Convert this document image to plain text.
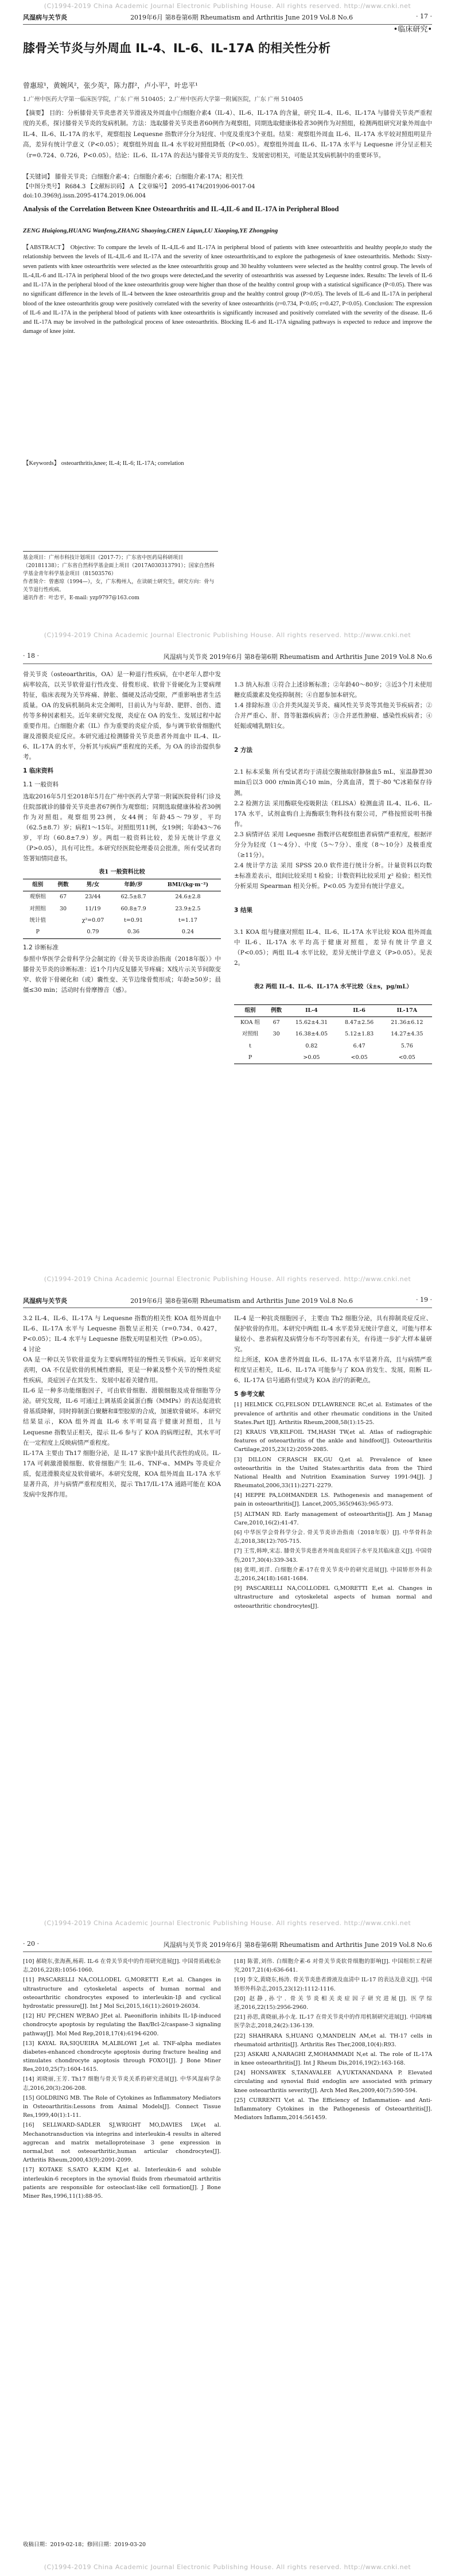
(C)1994-2019 China Academic Journal Electronic Publishing House. All rights reserved. http://www.cnki.net
风湿病与关节炎	2019年6月 第8卷第6期 Rheumatism and Arthritis June 2019 Vol.8 No.6	· 17 ·
•临床研究•
膝骨关节炎与外周血 IL-4、IL-6、IL-17A 的相关性分析
曾惠琼¹，黄婉风²，张少英²，陈力群²，卢小平²，叶忠平¹
1.广州中医药大学第一临床医学院，广东 广州 510405；2.广州中医药大学第一附属医院，广东 广州 510405
【摘要】 目的：分析膝骨关节炎患者关节滑液及外周血中白细胞介素4（IL-4）、IL-6、IL-17A 的含量，研究 IL-4、IL-6、IL-17A 与膝骨关节炎严重程度的关系，探讨膝骨关节炎的发病机制。方法：选取膝骨关节炎患者60例作为观察组，同期选取健康体检者30例作为对照组，检测两组研究对象外周血中 IL-4、IL-6、IL-17A 的水平，观察组按 Lequesne 指数评分分为轻度、中度及重度3个亚组。结果：观察组外周血 IL-6、IL-17A 水平较对照组明显升高，差异有统计学意义（P<0.05）；观察组外周血 IL-4 水平较对照组降低（P<0.05）。观察组外周血 IL-6、IL-17A 水平与 Lequesne 评分呈正相关（r=0.724、0.726，P<0.05）。结论：IL-6、IL-17A 的表达与膝骨关节炎的发生、发展密切相关，可能是其发病机制中的重要环节。
【关键词】 膝骨关节炎；白细胞介素-4；白细胞介素-6；白细胞介素-17A；相关性
【中图分类号】 R684.3 【文献标识码】 A 【文章编号】 2095-4174(2019)06-0017-04
doi:10.3969/j.issn.2095-4174.2019.06.004
Analysis of the Correlation Between Knee Osteoarthritis and IL-4,IL-6 and IL-17A in Peripheral Blood
ZENG Huiqiong,HUANG Wanfeng,ZHANG Shaoying,CHEN Liqun,LU Xiaoping,YE Zhongping
【ABSTRACT】 Objective: To compare the levels of IL-4,IL-6 and IL-17A in peripheral blood of patients with knee osteoarthritis and healthy people,to study the relationship between the levels of IL-4,IL-6 and IL-17A and the severity of knee osteoarthritis,and to explore the pathogenesis of knee osteoarthritis. Methods: Sixty-seven patients with knee osteoarthritis were selected as the knee osteoarthritis group and 30 healthy volunteers were selected as the healthy control group. The levels of IL-4,IL-6 and IL-17A in peripheral blood of the two groups were detected,and the severity of osteoarthritis was assessed by Lequesne index. Results: The levels of IL-6 and IL-17A in the peripheral blood of the knee osteoarthritis group were higher than those of the healthy control group with a statistical significance (P<0.05). There was no significant difference in the levels of IL-4 between the knee osteoarthritis group and the healthy control group (P>0.05). The levels of IL-6 and IL-17A in peripheral blood of the knee osteoarthritis group were positively correlated with the severity of knee osteoarthritis (r=0.734, P<0.05; r=0.427, P<0.05). Conclusion: The expression of IL-6 and IL-17A in the peripheral blood of patients with knee osteoarthritis is significantly increased and positively correlated with the severity of the disease. IL-6 and IL-17A may be involved in the pathological process of knee osteoarthritis. Blocking IL-6 and IL-17A signaling pathways is expected to reduce and improve the damage of knee joint.
【Keywords】 osteoarthritis,knee; IL-4; IL-6; IL-17A; correlation
基金项目：广州市科技计划项目（2017-7）；广东省中医药局科研项目（20181138）；广东省自然科学基金面上项目（2017A030313791）；国家自然科学基金青年科学基金项目（81503576）
作者简介：曾惠琼（1994—），女，广东梅州人，在读硕士研究生，研究方向：骨与关节退行性疾病。
通讯作者：叶忠平，E-mail: yzp9797@163.com
(C)1994-2019 China Academic Journal Electronic Publishing House. All rights reserved. http://www.cnki.net
· 18 ·	风湿病与关节炎 2019年6月 第8卷第6期 Rheumatism and Arthritis June 2019 Vol.8 No.6
骨关节炎（osteoarthritis，OA）是一种退行性疾病，在中老年人群中发病率较高，以关节软骨退行性改变、骨赘形成、软骨下骨硬化为主要病理特征，临床表现为关节疼痛、肿胀、僵硬及活动受限，严重影响患者生活质量。OA 的发病机制尚未完全阐明，目前认为与年龄、肥胖、创伤、遗传等多种因素相关。近年来研究发现，炎症在 OA 的发生、发展过程中起重要作用。白细胞介素（IL）作为重要的炎症介质，参与调节软骨细胞代谢及滑膜炎症反应。本研究通过检测膝骨关节炎患者外周血中 IL-4、IL-6、IL-17A 的水平，分析其与疾病严重程度的关系，为 OA 的诊治提供参考。
1 临床资料
1.1 一般资料
选取2016年5月至2018年5月在广州中医药大学第一附属医院骨科门诊及住院部就诊的膝骨关节炎患者67例作为观察组；同期选取健康体检者30例作为对照组。观察组男23例，女44例；年龄45～79岁，平均（62.5±8.7）岁；病程1～15年。对照组男11例，女19例；年龄43～76岁，平均（60.8±7.9）岁。两组一般资料比较，差异无统计学意义（P>0.05），具有可比性。本研究经医院伦理委员会批准，所有受试者均签署知情同意书。
表1 一般资料比较
组别	例数	男/女	年龄/岁	BMI/(kg·m⁻²)
观察组	67	23/44	62.5±8.7	24.6±2.8
对照组	30	11/19	60.8±7.9	23.9±2.5
统计值		χ²=0.07	t=0.91	t=1.17
P		0.79	0.36	0.24
1.2 诊断标准
参照中华医学会骨科学分会制定的《骨关节炎诊治指南（2018年版）》中膝骨关节炎的诊断标准：近1个月内反复膝关节疼痛；X线片示关节间隙变窄、软骨下骨硬化和（或）囊性变、关节边缘骨赘形成；年龄≥50岁；晨僵≤30 min；活动时有骨摩擦音（感）。

1.3 纳入标准 ①符合上述诊断标准；②年龄40～80岁；③近3个月未使用糖皮质激素及免疫抑制剂；④自愿参加本研究。
1.4 排除标准 ①合并类风湿关节炎、痛风性关节炎等其他关节疾病者；②合并严重心、肝、肾等脏器疾病者；③合并恶性肿瘤、感染性疾病者；④妊娠或哺乳期妇女。

2 方法

2.1 标本采集 所有受试者均于清晨空腹抽取肘静脉血5 mL，室温静置30 min后以3 000 r/min离心10 min，分离血清，置于-80 ℃冰箱保存待测。
2.2 检测方法 采用酶联免疫吸附法（ELISA）检测血清 IL-4、IL-6、IL-17A 水平，试剂盒购自上海酶联生物科技有限公司，严格按照说明书操作。
2.3 病情评估 采用 Lequesne 指数评估观察组患者病情严重程度，根据评分分为轻度（1～4分）、中度（5～7分）、重度（8～10分）及极重度（≥11分）。
2.4 统计学方法 采用 SPSS 20.0 软件进行统计分析。计量资料以均数±标准差表示，组间比较采用 t 检验；计数资料比较采用 χ² 检验；相关性分析采用 Spearman 相关分析。P<0.05 为差异有统计学意义。

3 结果

3.1 KOA 组与健康对照组 IL-4、IL-6、IL-17A 水平比较 KOA 组外周血中 IL-6、IL-17A 水平均高于健康对照组，差异有统计学意义（P<0.05）；两组 IL-4 水平比较，差异无统计学意义（P>0.05）。见表2。

表2 两组 IL-4、IL-6、IL-17A 水平比较（x̄±s，pg/mL）

组别	例数	IL-4	IL-6	IL-17A
KOA 组	67	15.62±4.31	8.47±2.56	21.36±6.12
对照组	30	16.38±4.05	5.12±1.83	14.27±4.35
t		0.82	6.47	5.76
P		>0.05	<0.05	<0.05

(C)1994-2019 China Academic Journal Electronic Publishing House. All rights reserved. http://www.cnki.net
风湿病与关节炎	2019年6月 第8卷第6期 Rheumatism and Arthritis June 2019 Vol.8 No.6	· 19 ·
3.2 IL-4、IL-6、IL-17A 与 Lequesne 指数的相关性 KOA 组外周血中 IL-6、IL-17A 水平与 Lequesne 指数呈正相关（r=0.734、0.427，P<0.05）；IL-4 水平与 Lequesne 指数无明显相关性（P>0.05）。
4 讨论
OA 是一种以关节软骨退变为主要病理特征的慢性关节疾病。近年来研究表明，OA 不仅是软骨的机械性磨损，更是一种累及整个关节的慢性炎症性疾病，炎症因子在其发生、发展中起着关键作用。
IL-6 是一种多功能细胞因子，可由软骨细胞、滑膜细胞及成骨细胞等分泌。研究发现，IL-6 可通过上调基质金属蛋白酶（MMPs）的表达促进软骨基质降解，同时抑制蛋白聚糖和Ⅱ型胶原的合成，加速软骨破坏。本研究结果显示，KOA 组外周血 IL-6 水平明显高于健康对照组，且与 Lequesne 指数呈正相关，提示 IL-6 参与了 KOA 的病理过程，其水平可在一定程度上反映病情严重程度。
IL-17A 主要由 Th17 细胞分泌，是 IL-17 家族中最具代表性的成员。IL-17A 可刺激滑膜细胞、软骨细胞产生 IL-6、TNF-α、MMPs 等炎症介质，促进滑膜炎症及软骨破坏。本研究发现，KOA 组外周血 IL-17A 水平显著升高，并与病情严重程度相关，提示 Th17/IL-17A 通路可能在 KOA 发病中发挥作用。
IL-4 是一种抗炎细胞因子，主要由 Th2 细胞分泌，具有抑制炎症反应、保护软骨的作用。本研究中两组 IL-4 水平差异无统计学意义，可能与样本量较小、患者病程及病情分布不均等因素有关，有待进一步扩大样本量研究。
综上所述，KOA 患者外周血 IL-6、IL-17A 水平显著升高，且与病情严重程度呈正相关，IL-6、IL-17A 可能参与了 KOA 的发生、发展，阻断 IL-6、IL-17A 信号通路有望成为 KOA 治疗的新靶点。
5 参考文献
[1] HELMICK CG,FELSON DT,LAWRENCE RC,et al. Estimates of the prevalence of arthritis and other rheumatic conditions in the United States.Part I[J]. Arthritis Rheum,2008,58(1):15-25.
[2] KRAUS VB,KILFOIL TM,HASH TW,et al. Atlas of radiographic features of osteoarthritis of the ankle and hindfoot[J]. Osteoarthritis Cartilage,2015,23(12):2059-2085.
[3] DILLON CF,RASCH EK,GU Q,et al. Prevalence of knee osteoarthritis in the United States:arthritis data from the Third National Health and Nutrition Examination Survey 1991-94[J]. J Rheumatol,2006,33(11):2271-2279.
[4] HEPPE PA,LOHMANDER LS. Pathogenesis and management of pain in osteoarthritis[J]. Lancet,2005,365(9463):965-973.
[5] ALTMAN RD. Early management of osteoarthritis[J]. Am J Manag Care,2010,16(2):41-47.
[6] 中华医学会骨科学分会. 骨关节炎诊治指南（2018年版）[J]. 中华骨科杂志,2018,38(12):705-715.
[7] 王雪,韩坤,宋志. 膝骨关节炎患者外周血炎症因子水平及其临床意义[J]. 中国骨伤,2017,30(4):339-343.
[8] 张明,刘洋. 白细胞介素-17在骨关节炎中的研究进展[J]. 中国矫形外科杂志,2016,24(18):1681-1684.
[9] PASCARELLI NA,COLLODEL G,MORETTI E,et al. Changes in ultrastructure and cytoskeletal aspects of human normal and osteoarthritic chondrocytes[J].
(C)1994-2019 China Academic Journal Electronic Publishing House. All rights reserved. http://www.cnki.net
· 20 ·	风湿病与关节炎 2019年6月 第8卷第6期 Rheumatism and Arthritis June 2019 Vol.8 No.6
[10] 郝晓东,张海燕,杨莉. IL-6 在骨关节炎中的作用研究进展[J]. 中国骨质疏松杂志,2016,22(8):1056-1060.
[11] PASCARELLI NA,COLLODEL G,MORETTI E,et al. Changes in ultrastructure and cytoskeletal aspects of human normal and osteoarthritic chondrocytes exposed to interleukin-1β and cyclical hydrostatic pressure[J]. Int J Mol Sci,2015,16(11):26019-26034.
[12] HU PF,CHEN WP,BAO JP,et al. Paeoniflorin inhibits IL-1β-induced chondrocyte apoptosis by regulating the Bax/Bcl-2/caspase-3 signaling pathway[J]. Mol Med Rep,2018,17(4):6194-6200.
[13] KAYAL RA,SIQUEIRA M,ALBLOWI J,et al. TNF-alpha mediates diabetes-enhanced chondrocyte apoptosis during fracture healing and stimulates chondrocyte apoptosis through FOXO1[J]. J Bone Miner Res,2010,25(7):1604-1615.
[14] 刘晓丽,王芳. Th17 细胞与骨关节炎关系的研究进展[J]. 中华风湿病学杂志,2016,20(3):206-208.
[15] GOLDRING MB. The Role of Cytokines as Inflammatory Mediators in Osteoarthritis:Lessons from Animal Models[J]. Connect Tissue Res,1999,40(1):1-11.
[16] SELLWARD-SADLER SJ,WRIGHT MO,DAVIES LW,et al. Mechanotransduction via integrins and interleukin-4 results in altered aggrecan and matrix metalloproteinase 3 gene expression in normal,but not osteoarthritic,human articular chondrocytes[J]. Arthritis Rheum,2000,43(9):2091-2099.
[17] KOTAKE S,SATO K,KIM KJ,et al. Interleukin-6 and soluble interleukin-6 receptors in the synovial fluids from rheumatoid arthritis patients are responsible for osteoclast-like cell formation[J]. J Bone Miner Res,1996,11(1):88-95.
[18] 陈蕾,刘伟. 白细胞介素-6 对骨关节炎软骨细胞的影响[J]. 中国组织工程研究,2017,21(4):636-641.
[19] 李文,黄晓东,杨涛. 骨关节炎患者滑液及血清中 IL-17 的表达及意义[J]. 中国矫形外科杂志,2015,23(12):1112-1116.
[20] 赵静,孙宁. 骨关节炎相关炎症因子研究进展[J]. 医学综述,2016,22(15):2956-2960.
[21] 孙思,黄晓丽,孙小龙. IL-17 在骨关节炎中的作用机制研究进展[J]. 中国疼痛医学杂志,2018,24(2):136-139.
[22] SHAHRARA S,HUANG Q,MANDELIN AM,et al. TH-17 cells in rheumatoid arthritis[J]. Arthritis Res Ther,2008,10(4):R93.
[23] ASKARI A,NARAGHI Z,MOHAMMADI N,et al. The role of IL-17A in knee osteoarthritis[J]. Int J Rheum Dis,2016,19(2):163-168.
[24] HONSAWEK S,TANAVALEE A,YUKTANANDANA P. Elevated circulating and synovial fluid endoglin are associated with primary knee osteoarthritis severity[J]. Arch Med Res,2009,40(7):590-594.
[25] CURRENTI V,et al. The Efficiency of Inflammation- and Anti-Inflammatory Cytokines in the Pathogenesis of Osteoarthritis[J]. Mediators Inflamm,2014:561459.
收稿日期：2019-02-18；修回日期：2019-03-20
(C)1994-2019 China Academic Journal Electronic Publishing House. All rights reserved. http://www.cnki.net
